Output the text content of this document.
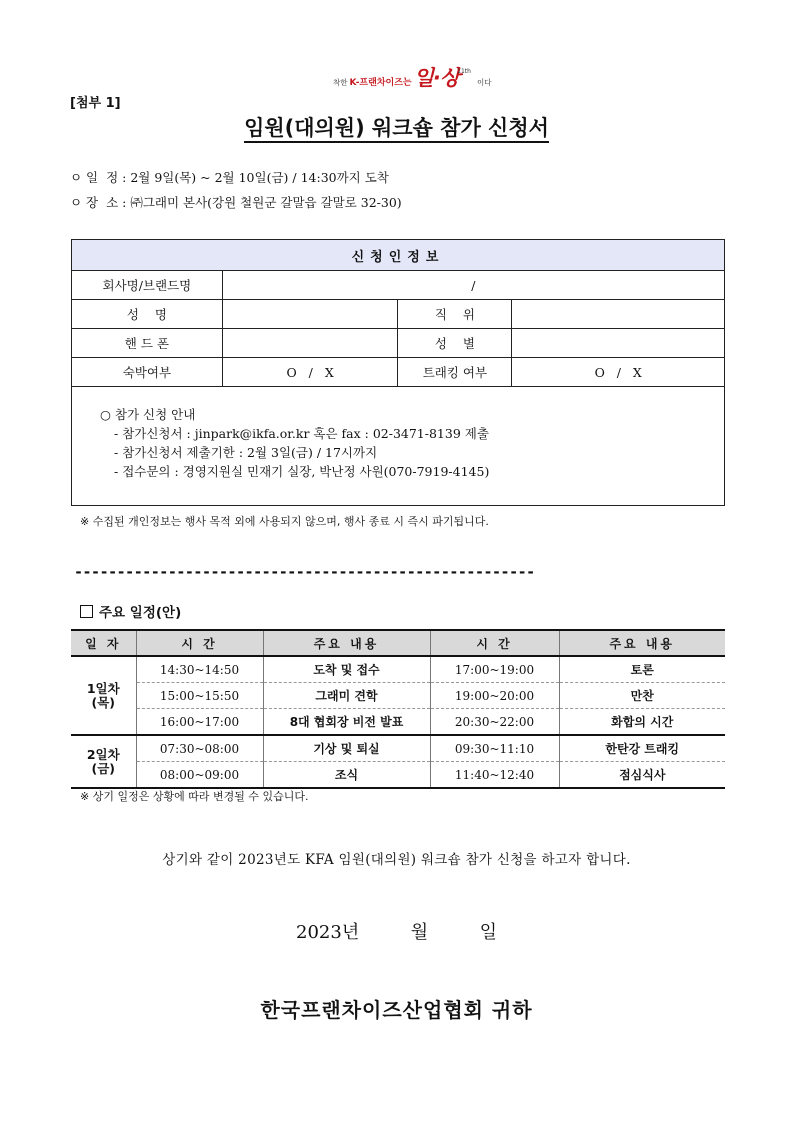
착한 K-프랜차이즈는 일·상
11th
이다
[첨부 1]
임원(대의원) 워크숍 참가 신청서
ㅇ 일  정 : 2월 9일(목) ~ 2월 10일(금) / 14:30까지 도착
ㅇ 장  소 : ㈜그래미 본사(강원 철원군 갈말읍 갈말로 32-30)
신청인정보			
회사명/브랜드명	/		
성    명		직    위	
핸 드 폰		성    별	
숙박여부	O   /   X	트래킹 여부	O   /   X

○ 참가 신청 안내
- 참가신청서 : jinpark@ikfa.or.kr 혹은 fax : 02-3471-8139 제출
- 참가신청서 제출기한 : 2월 3일(금) / 17시까지
- 접수문의 : 경영지원실 민재기 실장, 박난정 사원(070-7919-4145)			
※ 수집된 개인정보는 행사 목적 외에 사용되지 않으며, 행사 종료 시 즉시 파기됩니다.
------------------------------------------------------
주요 일정(안)
일 자	시 간	주요 내용	시 간	주요 내용
1일차
(목)	14:30~14:50	도착 및 접수	17:00~19:00	토론
	15:00~15:50	그래미 견학	19:00~20:00	만찬
	16:00~17:00	8대 협회장 비전 발표	20:30~22:00	화합의 시간
2일차
(금)	07:30~08:00	기상 및 퇴실	09:30~11:10	한탄강 트래킹
	08:00~09:00	조식	11:40~12:40	점심식사
※ 상기 일정은 상황에 따라 변경될 수 있습니다.
상기와 같이 2023년도 KFA 임원(대의원) 워크숍 참가 신청을 하고자 합니다.
2023년	월	일
한국프랜차이즈산업협회 귀하
